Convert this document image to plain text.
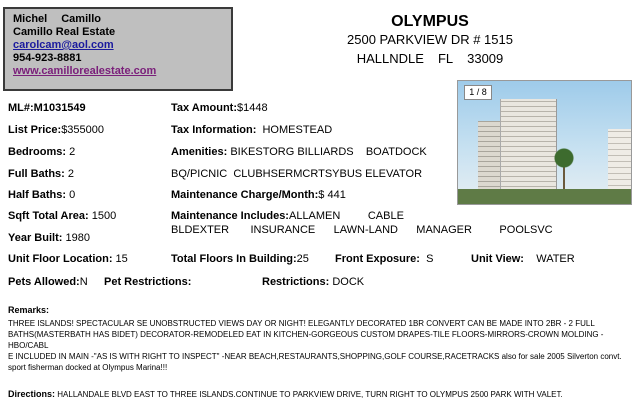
Michel Camillo
Camillo Real Estate
carolcam@aol.com
954-923-8881
www.camillorealestate.com
OLYMPUS
2500 PARKVIEW DR # 1515
HALLNDLE FL 33009
1 / 8
ML#:M1031549
List Price:$355000
Bedrooms: 2
Full Baths: 2
Half Baths: 0
Sqft Total Area: 1500
Year Built: 1980
Unit Floor Location: 15
Pets Allowed:N Pet Restrictions:
Tax Amount:$1448
Tax Information: HOMESTEAD
Amenities: BIKESTORG BILLIARDS    BOATDOCK
BQ/PICNIC  CLUBHSERMCRTSYBUS ELEVATOR
Maintenance Charge/Month:$ 441
Maintenance Includes:ALLAMEN         CABLE
BLDEXTER       INSURANCE      LAWN-LAND      MANAGER         POOLSVC
Total Floors In Building:25 Front Exposure: S	Unit View: WATER
Restrictions: DOCK
Remarks:

THREE ISLANDS! SPECTACULAR SE UNOBSTRUCTED VIEWS DAY OR NIGHT! ELEGANTLY DECORATED 1BR CONVERT CAN BE MADE INTO 2BR - 2 FULL BATHS(MASTERBATH HAS BIDET) DECORATOR-REMODELED EAT IN KITCHEN-GORGEOUS CUSTOM DRAPES-TILE FLOORS-MIRRORS-CROWN MOLDING -HBO/CABL

E INCLUDED IN MAIN -"AS IS WITH RIGHT TO INSPECT" -NEAR BEACH,RESTAURANTS,SHOPPING,GOLF COURSE,RACETRACKS also for sale 2005 Silverton convt. sport fisherman docked at Olympus Marina!!!

Directions: HALLANDALE BLVD EAST TO THREE ISLANDS.CONTINUE TO PARKVIEW DRIVE, TURN RIGHT TO OLYMPUS 2500 PARK WITH VALET.
